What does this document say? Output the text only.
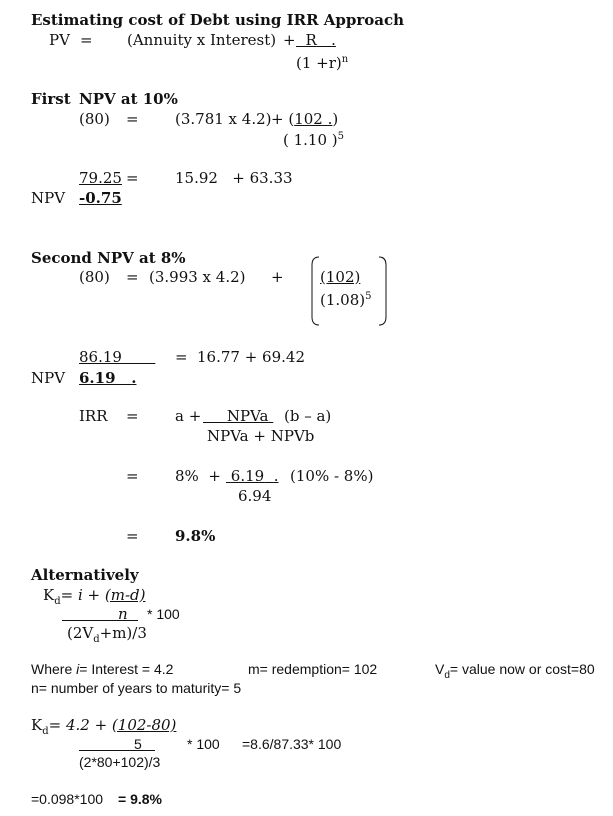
Estimating cost of Debt using IRR Approach
PV = (Annuity x Interest) + R .
$(1 +r)^n$
First NPV at 10%
(80) = (3.781 x 4.2) + (102 .)
( 1.10 )$^5$
79.25 = 15.92   + 63.33
NPV -0.75
Second NPV at 8%
(80) = (3.993 x 4.2) + (102)
$(1.08)^5$
86.19	= 16.77 + 69.42
NPV 6.19 .
IRR = a +	NPVa	(b – a)
NPVa + NPVb
= 8%  + 6.19 . (10% - 8%)
6.94
= 9.8%
Alternatively
$K_d= i + (m-d)$
n * 100
$(2V_d+m)/3$
Where i= Interest = 4.2	m= redemption= 102	$V_d=$ value now or cost=80
n= number of years to maturity= 5
$K_d= 4.2 + (102-80)$
5	* 100 =8.6/87.33* 100
(2*80+102)/3
=0.098*100 = 9.8%
